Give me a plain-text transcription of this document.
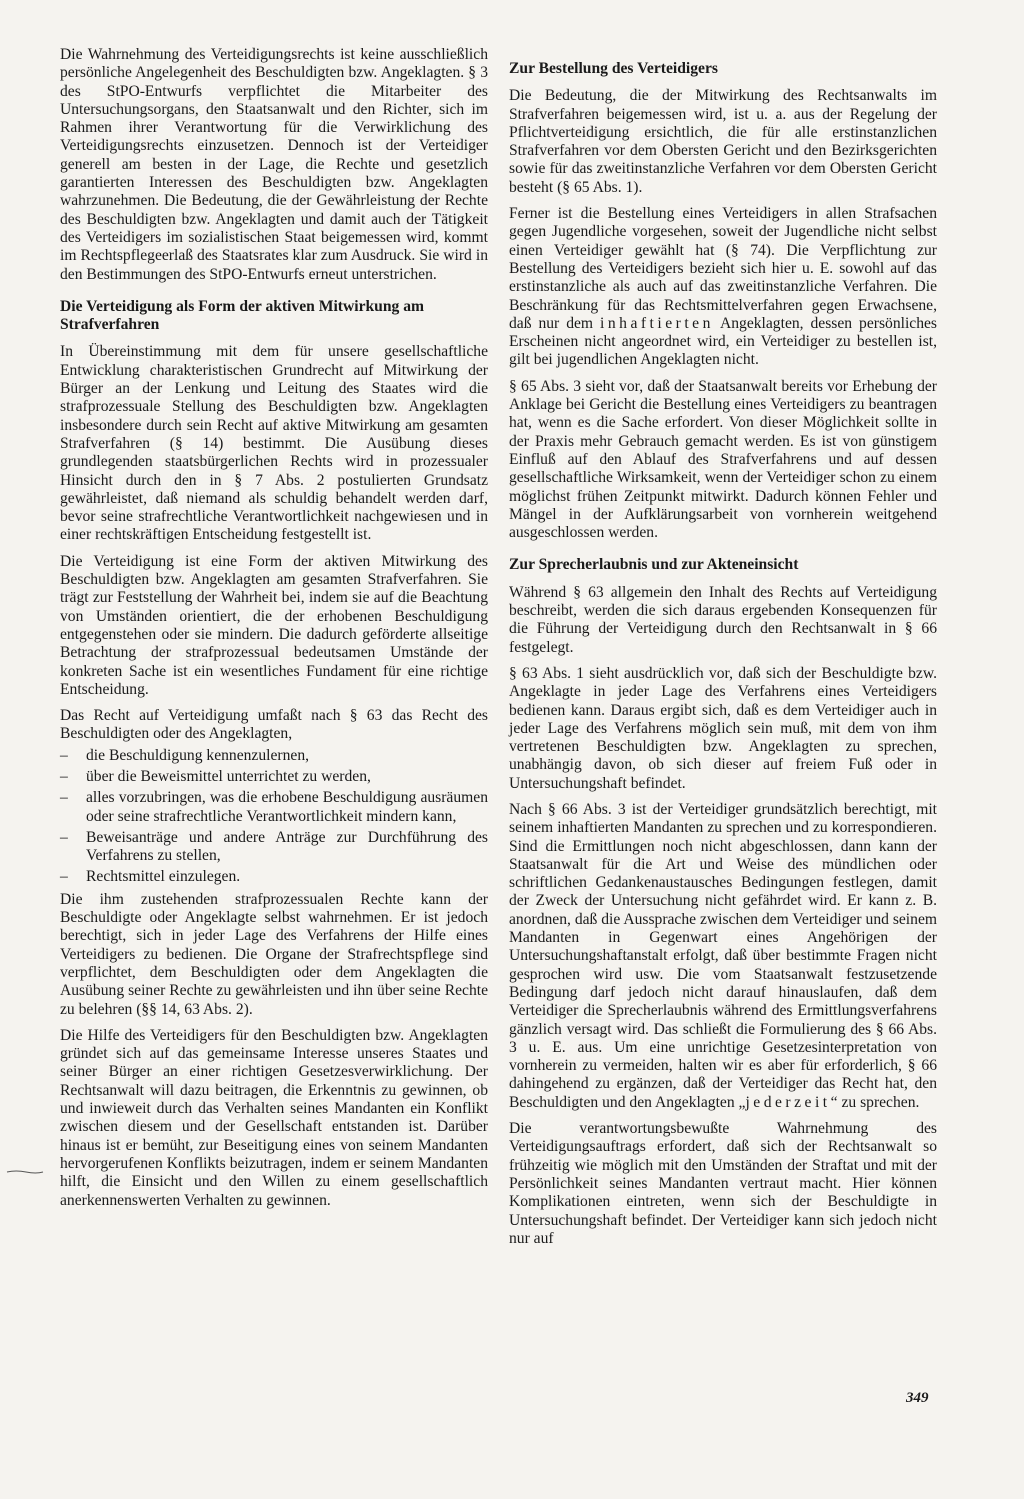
Die Wahrnehmung des Verteidigungsrechts ist keine ausschließlich persönliche Angelegenheit des Beschuldigten bzw. Angeklagten. § 3 des StPO-Entwurfs verpflichtet die Mitarbeiter des Untersuchungsorgans, den Staatsanwalt und den Richter, sich im Rahmen ihrer Verantwortung für die Verwirklichung des Verteidigungsrechts einzusetzen. Dennoch ist der Verteidiger generell am besten in der Lage, die Rechte und gesetzlich garantierten Interessen des Beschuldigten bzw. Angeklagten wahrzunehmen. Die Bedeutung, die der Gewährleistung der Rechte des Beschuldigten bzw. Angeklagten und damit auch der Tätigkeit des Verteidigers im sozialistischen Staat beigemessen wird, kommt im Rechtspflegeerlaß des Staatsrates klar zum Ausdruck. Sie wird in den Bestimmungen des StPO-Entwurfs erneut unterstrichen.

Die Verteidigung als Form der aktiven Mitwirkung am Strafverfahren

In Übereinstimmung mit dem für unsere gesellschaftliche Entwicklung charakteristischen Grundrecht auf Mitwirkung der Bürger an der Lenkung und Leitung des Staates wird die strafprozessuale Stellung des Beschuldigten bzw. Angeklagten insbesondere durch sein Recht auf aktive Mitwirkung am gesamten Strafverfahren (§ 14) bestimmt. Die Ausübung dieses grundlegenden staatsbürgerlichen Rechts wird in prozessualer Hinsicht durch den in § 7 Abs. 2 postulierten Grundsatz gewährleistet, daß niemand als schuldig behandelt werden darf, bevor seine strafrechtliche Verantwortlichkeit nachgewiesen und in einer rechtskräftigen Entscheidung festgestellt ist.

Die Verteidigung ist eine Form der aktiven Mitwirkung des Beschuldigten bzw. Angeklagten am gesamten Strafverfahren. Sie trägt zur Feststellung der Wahrheit bei, indem sie auf die Beachtung von Umständen orientiert, die der erhobenen Beschuldigung entgegenstehen oder sie mindern. Die dadurch geförderte allseitige Betrachtung der strafprozessual bedeutsamen Umstände der konkreten Sache ist ein wesentliches Fundament für eine richtige Entscheidung.

Das Recht auf Verteidigung umfaßt nach § 63 das Recht des Beschuldigten oder des Angeklagten,

– die Beschuldigung kennenzulernen,
– über die Beweismittel unterrichtet zu werden,
– alles vorzubringen, was die erhobene Beschuldigung ausräumen oder seine strafrechtliche Verantwortlichkeit mindern kann,
– Beweisanträge und andere Anträge zur Durchführung des Verfahrens zu stellen,
– Rechtsmittel einzulegen.

Die ihm zustehenden strafprozessualen Rechte kann der Beschuldigte oder Angeklagte selbst wahrnehmen. Er ist jedoch berechtigt, sich in jeder Lage des Verfahrens der Hilfe eines Verteidigers zu bedienen. Die Organe der Strafrechtspflege sind verpflichtet, dem Beschuldigten oder dem Angeklagten die Ausübung seiner Rechte zu gewährleisten und ihn über seine Rechte zu belehren (§§ 14, 63 Abs. 2).

Die Hilfe des Verteidigers für den Beschuldigten bzw. Angeklagten gründet sich auf das gemeinsame Interesse unseres Staates und seiner Bürger an einer richtigen Gesetzesverwirklichung. Der Rechtsanwalt will dazu beitragen, die Erkenntnis zu gewinnen, ob und inwieweit durch das Verhalten seines Mandanten ein Konflikt zwischen diesem und der Gesellschaft entstanden ist. Darüber hinaus ist er bemüht, zur Beseitigung eines von seinem Mandanten hervorgerufenen Konflikts beizutragen, indem er seinem Mandanten hilft, die Einsicht und den Willen zu einem gesellschaftlich anerkennenswerten Verhalten zu gewinnen.

Zur Bestellung des Verteidigers

Die Bedeutung, die der Mitwirkung des Rechtsanwalts im Strafverfahren beigemessen wird, ist u. a. aus der Regelung der Pflichtverteidigung ersichtlich, die für alle erstinstanzlichen Strafverfahren vor dem Obersten Gericht und den Bezirksgerichten sowie für das zweitinstanzliche Verfahren vor dem Obersten Gericht besteht (§ 65 Abs. 1).

Ferner ist die Bestellung eines Verteidigers in allen Strafsachen gegen Jugendliche vorgesehen, soweit der Jugendliche nicht selbst einen Verteidiger gewählt hat (§ 74). Die Verpflichtung zur Bestellung des Verteidigers bezieht sich hier u. E. sowohl auf das erstinstanzliche als auch auf das zweitinstanzliche Verfahren. Die Beschränkung für das Rechtsmittelverfahren gegen Erwachsene, daß nur dem inhaftierten Angeklagten, dessen persönliches Erscheinen nicht angeordnet wird, ein Verteidiger zu bestellen ist, gilt bei jugendlichen Angeklagten nicht.

§ 65 Abs. 3 sieht vor, daß der Staatsanwalt bereits vor Erhebung der Anklage bei Gericht die Bestellung eines Verteidigers zu beantragen hat, wenn es die Sache erfordert. Von dieser Möglichkeit sollte in der Praxis mehr Gebrauch gemacht werden. Es ist von günstigem Einfluß auf den Ablauf des Strafverfahrens und auf dessen gesellschaftliche Wirksamkeit, wenn der Verteidiger schon zu einem möglichst frühen Zeitpunkt mitwirkt. Dadurch können Fehler und Mängel in der Aufklärungsarbeit von vornherein weitgehend ausgeschlossen werden.

Zur Sprecherlaubnis und zur Akteneinsicht

Während § 63 allgemein den Inhalt des Rechts auf Verteidigung beschreibt, werden die sich daraus ergebenden Konsequenzen für die Führung der Verteidigung durch den Rechtsanwalt in § 66 festgelegt.

§ 63 Abs. 1 sieht ausdrücklich vor, daß sich der Beschuldigte bzw. Angeklagte in jeder Lage des Verfahrens eines Verteidigers bedienen kann. Daraus ergibt sich, daß es dem Verteidiger auch in jeder Lage des Verfahrens möglich sein muß, mit dem von ihm vertretenen Beschuldigten bzw. Angeklagten zu sprechen, unabhängig davon, ob sich dieser auf freiem Fuß oder in Untersuchungshaft befindet.

Nach § 66 Abs. 3 ist der Verteidiger grundsätzlich berechtigt, mit seinem inhaftierten Mandanten zu sprechen und zu korrespondieren. Sind die Ermittlungen noch nicht abgeschlossen, dann kann der Staatsanwalt für die Art und Weise des mündlichen oder schriftlichen Gedankenaustausches Bedingungen festlegen, damit der Zweck der Untersuchung nicht gefährdet wird. Er kann z. B. anordnen, daß die Aussprache zwischen dem Verteidiger und seinem Mandanten in Gegenwart eines Angehörigen der Untersuchungshaftanstalt erfolgt, daß über bestimmte Fragen nicht gesprochen wird usw. Die vom Staatsanwalt festzusetzende Bedingung darf jedoch nicht darauf hinauslaufen, daß dem Verteidiger die Sprecherlaubnis während des Ermittlungsverfahrens gänzlich versagt wird. Das schließt die Formulierung des § 66 Abs. 3 u. E. aus. Um eine unrichtige Gesetzesinterpretation von vornherein zu vermeiden, halten wir es aber für erforderlich, § 66 dahingehend zu ergänzen, daß der Verteidiger das Recht hat, den Beschuldigten und den Angeklagten „jederzeit“ zu sprechen.

Die verantwortungsbewußte Wahrnehmung des Verteidigungsauftrags erfordert, daß sich der Rechtsanwalt so frühzeitig wie möglich mit den Umständen der Straftat und mit der Persönlichkeit seines Mandanten vertraut macht. Hier können Komplikationen eintreten, wenn sich der Beschuldigte in Untersuchungshaft befindet. Der Verteidiger kann sich jedoch nicht nur auf

349
